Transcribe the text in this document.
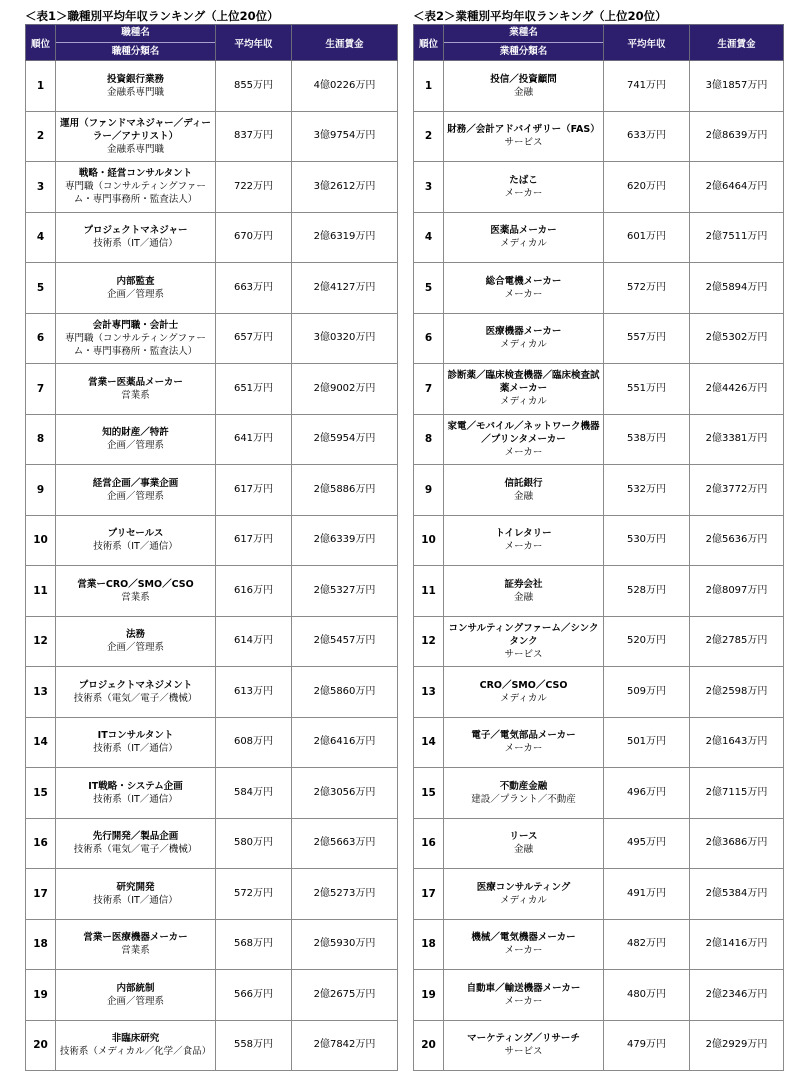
＜表1＞職種別平均年収ランキング（上位20位）
順位	職種名
職種分類名	平均年収	生涯賃金
1	投資銀行業務
金融系専門職	855万円	4億0226万円
2	運用（ファンドマネジャー／ディーラー／アナリスト）
金融系専門職	837万円	3億9754万円
3	戦略・経営コンサルタント
専門職（コンサルティングファーム・専門事務所・監査法人）	722万円	3億2612万円
4	プロジェクトマネジャー
技術系（IT／通信）	670万円	2億6319万円
5	内部監査
企画／管理系	663万円	2億4127万円
6	会計専門職・会計士
専門職（コンサルティングファーム・専門事務所・監査法人）	657万円	3億0320万円
7	営業ー医薬品メーカー
営業系	651万円	2億9002万円
8	知的財産／特許
企画／管理系	641万円	2億5954万円
9	経営企画／事業企画
企画／管理系	617万円	2億5886万円
10	プリセールス
技術系（IT／通信）	617万円	2億6339万円
11	営業ーCRO／SMO／CSO
営業系	616万円	2億5327万円
12	法務
企画／管理系	614万円	2億5457万円
13	プロジェクトマネジメント
技術系（電気／電子／機械）	613万円	2億5860万円
14	ITコンサルタント
技術系（IT／通信）	608万円	2億6416万円
15	IT戦略・システム企画
技術系（IT／通信）	584万円	2億3056万円
16	先行開発／製品企画
技術系（電気／電子／機械）	580万円	2億5663万円
17	研究開発
技術系（IT／通信）	572万円	2億5273万円
18	営業ー医療機器メーカー
営業系	568万円	2億5930万円
19	内部統制
企画／管理系	566万円	2億2675万円
20	非臨床研究
技術系（メディカル／化学／食品）	558万円	2億7842万円
＜表2＞業種別平均年収ランキング（上位20位）
順位	業種名
業種分類名	平均年収	生涯賃金
1	投信／投資顧問
金融	741万円	3億1857万円
2	財務／会計アドバイザリー（FAS）
サービス	633万円	2億8639万円
3	たばこ
メーカー	620万円	2億6464万円
4	医薬品メーカー
メディカル	601万円	2億7511万円
5	総合電機メーカー
メーカー	572万円	2億5894万円
6	医療機器メーカー
メディカル	557万円	2億5302万円
7	診断薬／臨床検査機器／臨床検査試薬メーカー
メディカル	551万円	2億4426万円
8	家電／モバイル／ネットワーク機器／プリンタメーカー
メーカー	538万円	2億3381万円
9	信託銀行
金融	532万円	2億3772万円
10	トイレタリー
メーカー	530万円	2億5636万円
11	証券会社
金融	528万円	2億8097万円
12	コンサルティングファーム／シンクタンク
サービス	520万円	2億2785万円
13	CRO／SMO／CSO
メディカル	509万円	2億2598万円
14	電子／電気部品メーカー
メーカー	501万円	2億1643万円
15	不動産金融
建設／プラント／不動産	496万円	2億7115万円
16	リース
金融	495万円	2億3686万円
17	医療コンサルティング
メディカル	491万円	2億5384万円
18	機械／電気機器メーカー
メーカー	482万円	2億1416万円
19	自動車／輸送機器メーカー
メーカー	480万円	2億2346万円
20	マーケティング／リサーチ
サービス	479万円	2億2929万円
